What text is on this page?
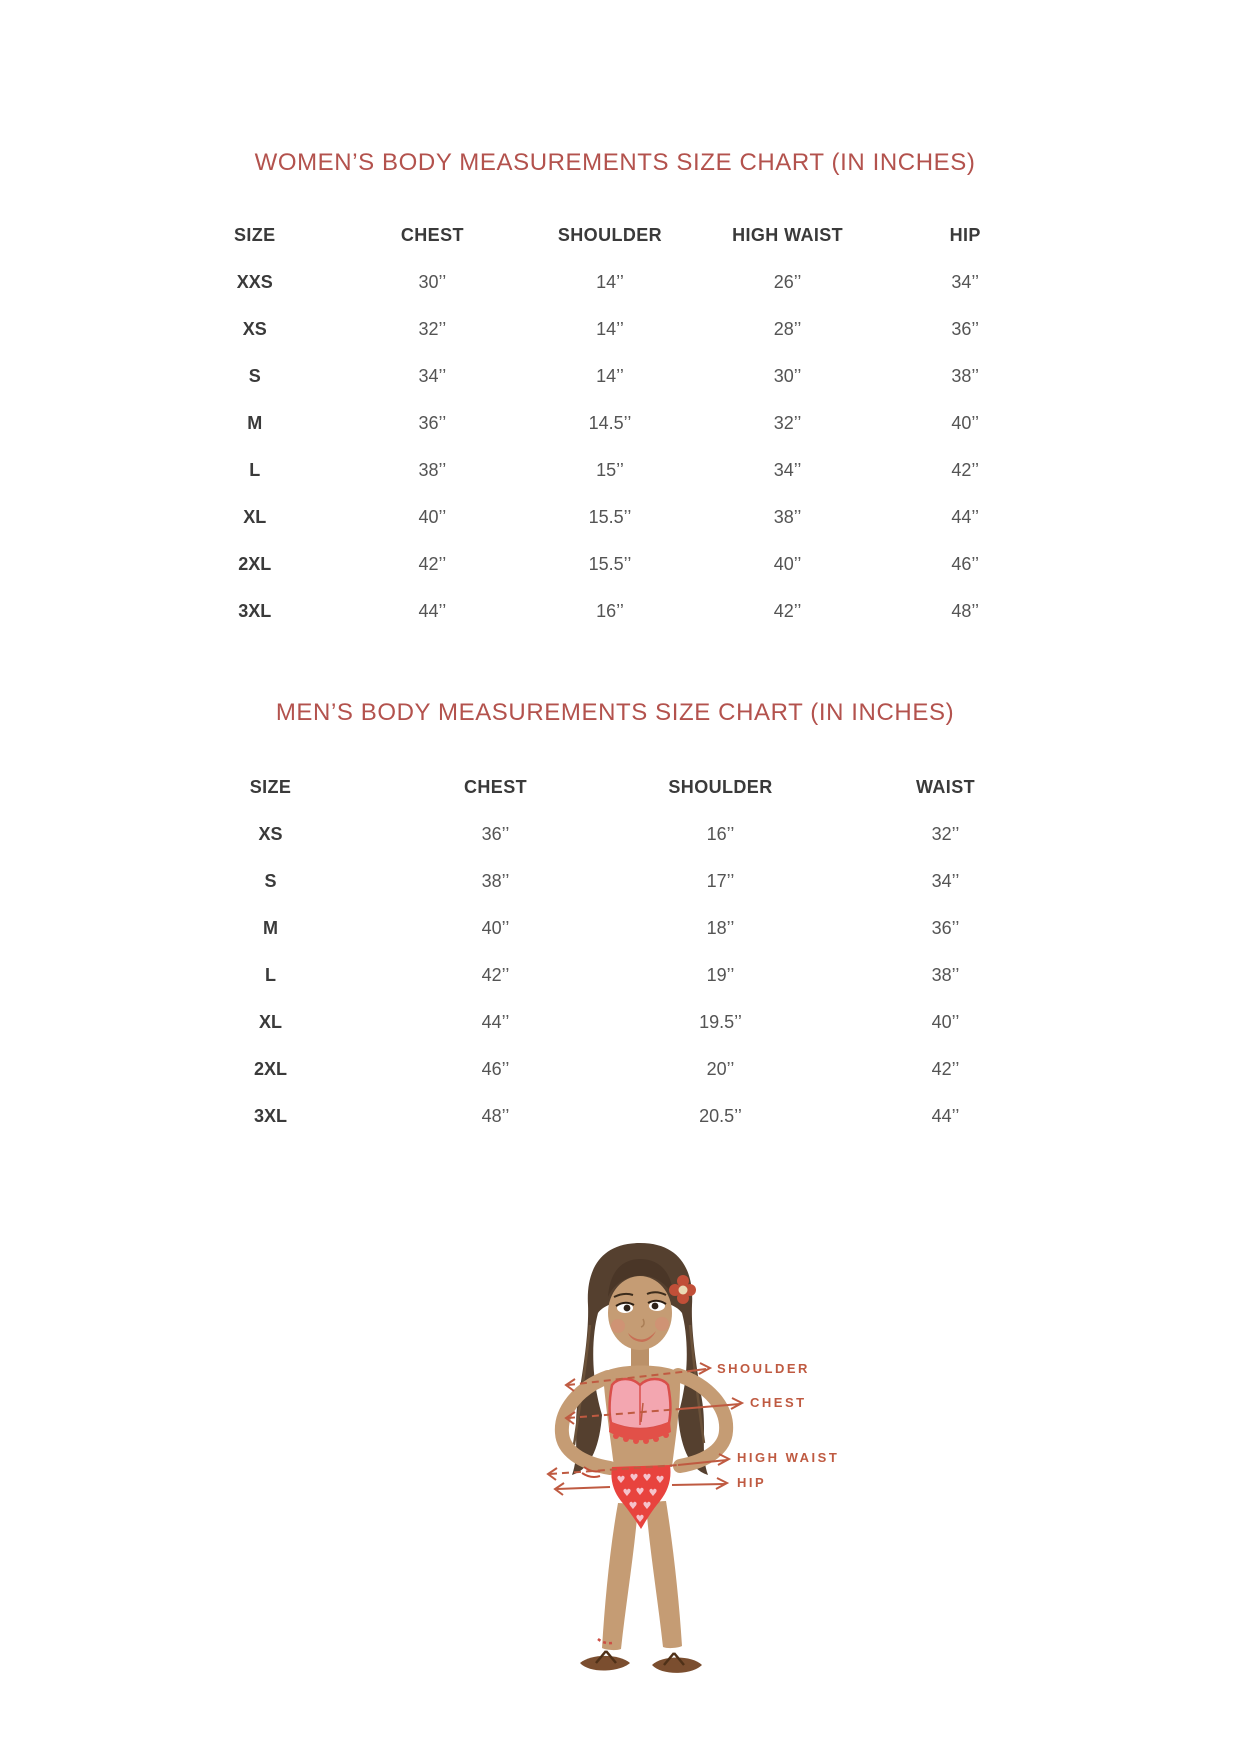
WOMEN’S BODY MEASUREMENTS SIZE CHART (IN INCHES)
SIZE	CHEST	SHOULDER	HIGH WAIST	HIP
XXS	30’’	14’’	26’’	34’’
XS	32’’	14’’	28’’	36’’
S	34’’	14’’	30’’	38’’
M	36’’	14.5’’	32’’	40’’
L	38’’	15’’	34’’	42’’
XL	40’’	15.5’’	38’’	44’’
2XL	42’’	15.5’’	40’’	46’’
3XL	44’’	16’’	42’’	48’’
MEN’S BODY MEASUREMENTS SIZE CHART (IN INCHES)
SIZE	CHEST	SHOULDER	WAIST
XS	36’’	16’’	32’’
S	38’’	17’’	34’’
M	40’’	18’’	36’’
L	42’’	19’’	38’’
XL	44’’	19.5’’	40’’
2XL	46’’	20’’	42’’
3XL	48’’	20.5’’	44’’
♥ ♥ ♥ ♥
♥ ♥ ♥
♥ ♥
♥
SHOULDER
CHEST
HIGH WAIST
HIP
